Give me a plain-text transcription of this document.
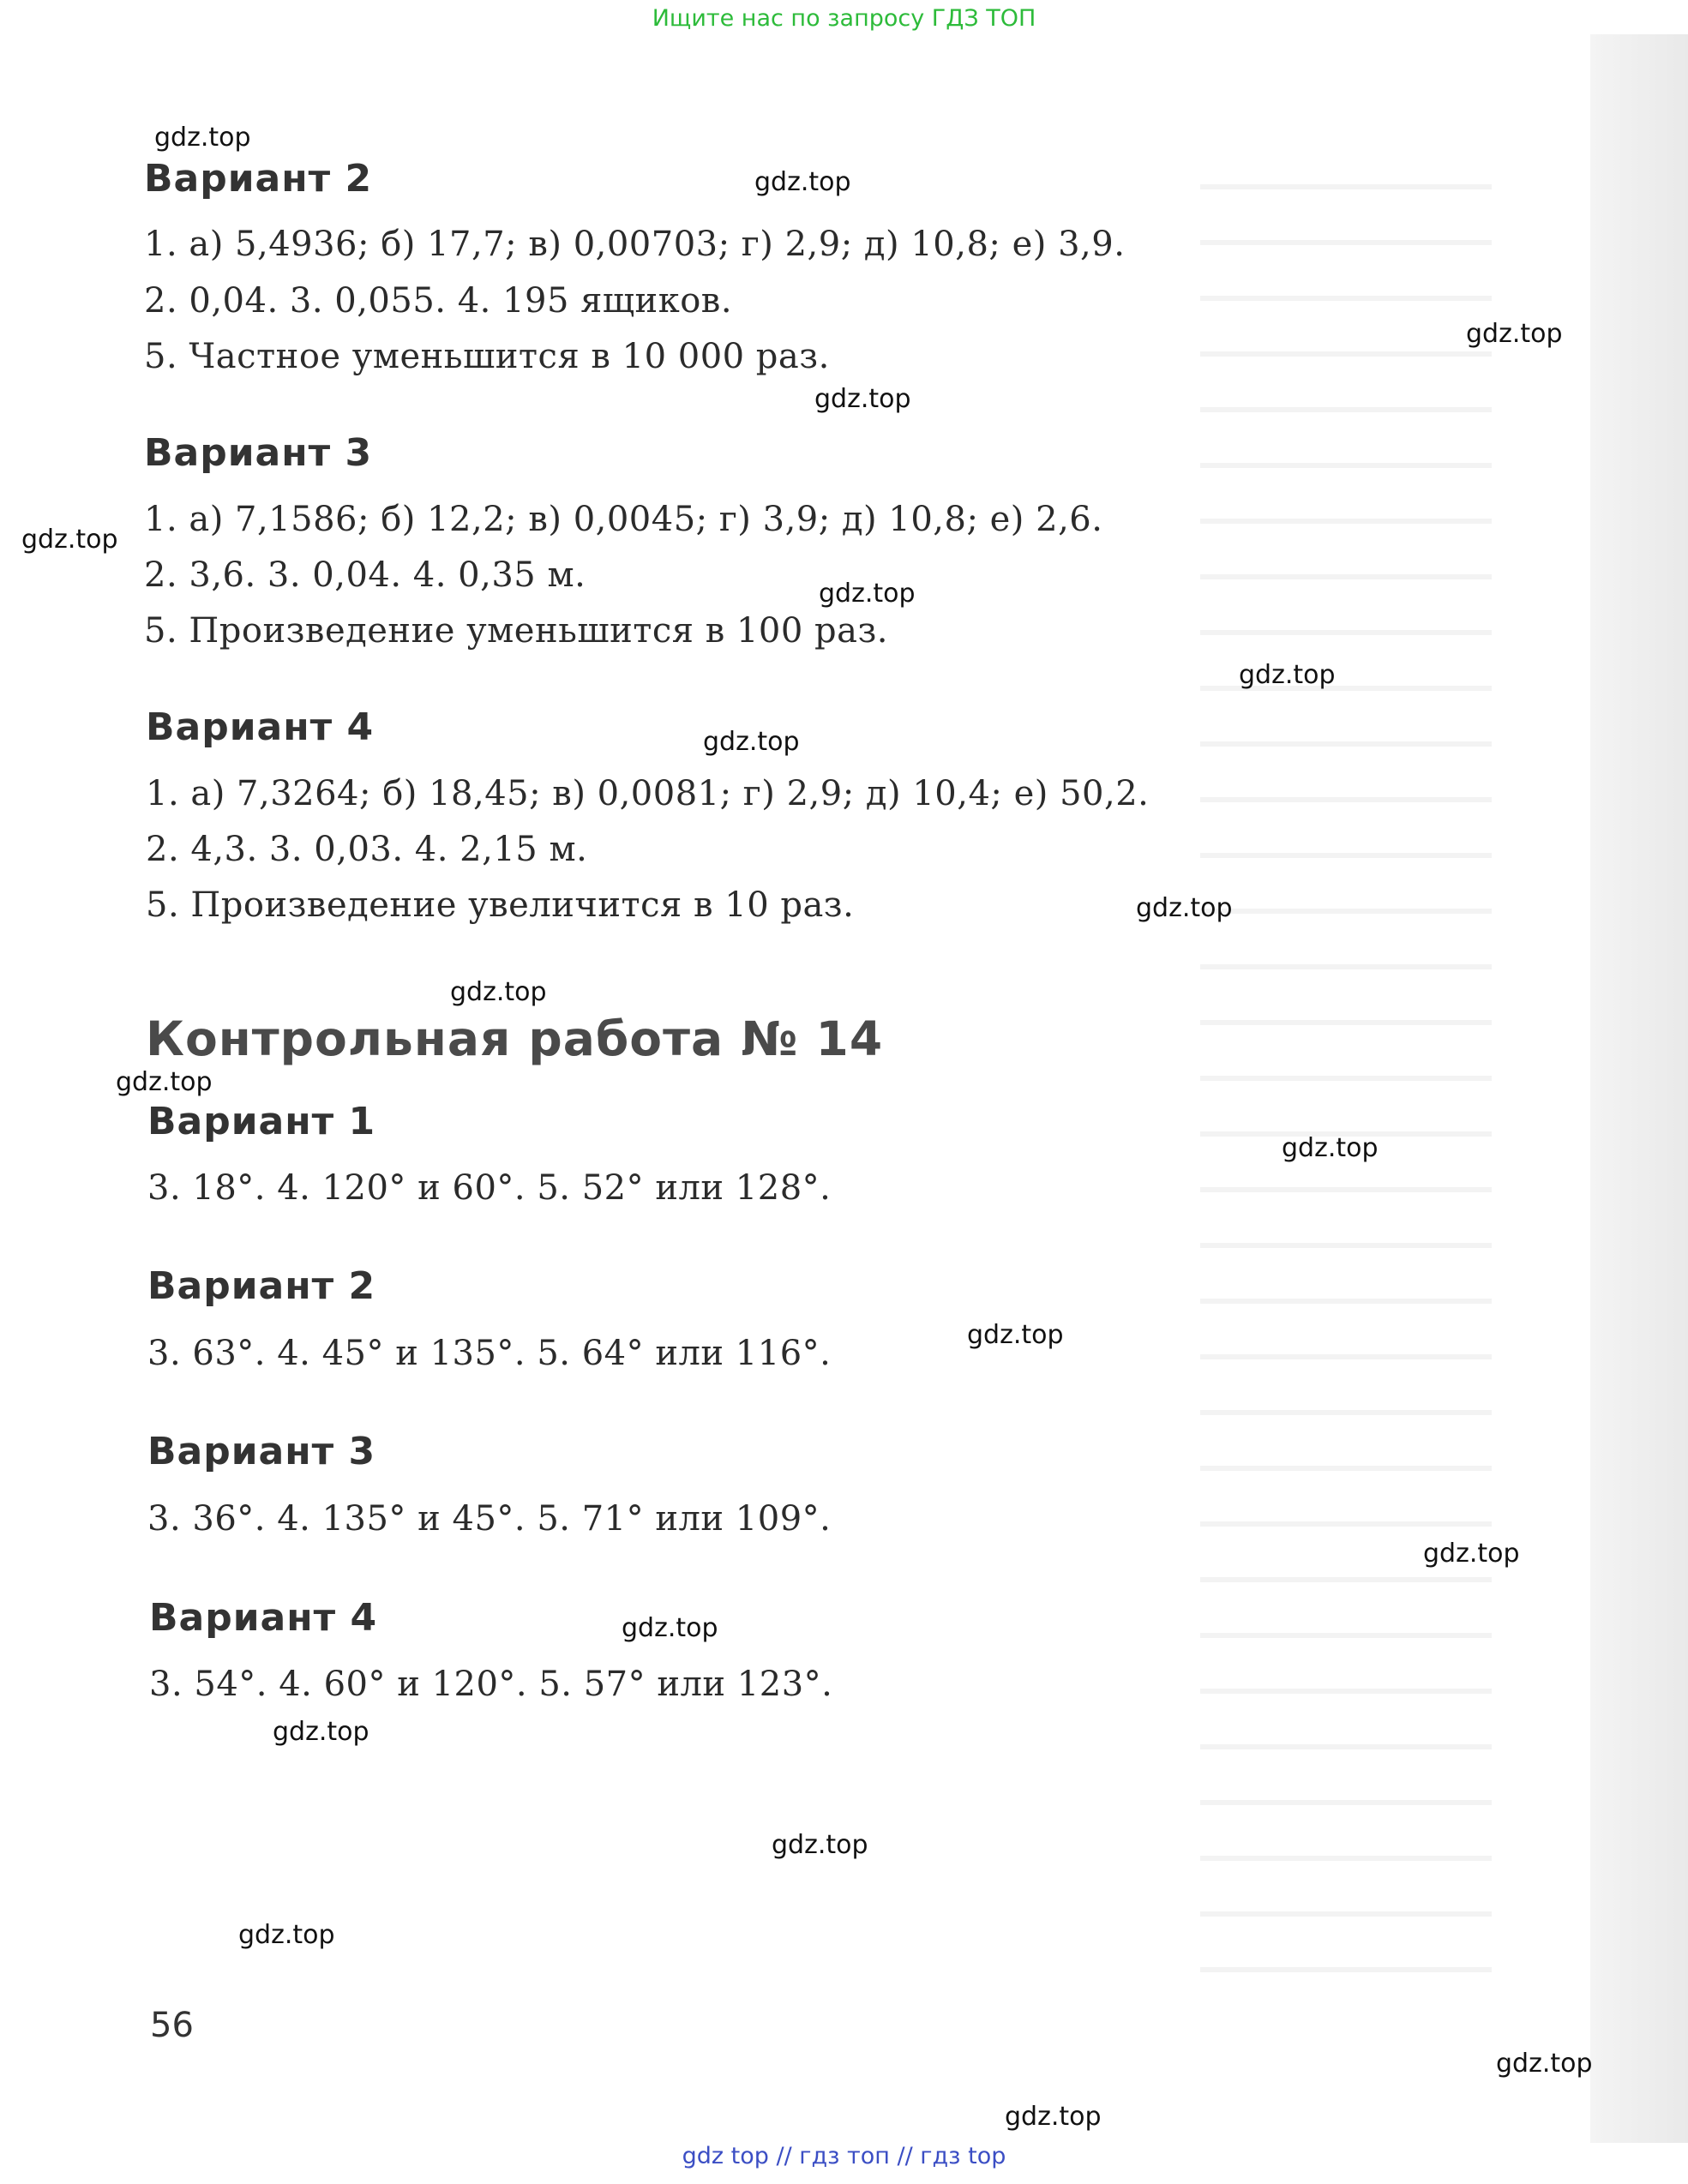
Ищите нас по запросу ГДЗ ТОП
gdz.top
gdz.top
gdz.top
gdz.top
gdz.top
gdz.top
gdz.top
gdz.top
gdz.top
gdz.top
gdz.top
gdz.top
gdz.top
gdz.top
gdz.top
gdz.top
gdz.top
gdz.top
gdz.top
gdz.top
Вариант 2
1. а) 5,4936; б) 17,7; в) 0,00703; г) 2,9; д) 10,8; е) 3,9.
2. 0,04. 3. 0,055. 4. 195 ящиков.
5. Частное уменьшится в 10 000 раз.
Вариант 3
1. а) 7,1586; б) 12,2; в) 0,0045; г) 3,9; д) 10,8; е) 2,6.
2. 3,6. 3. 0,04. 4. 0,35 м.
5. Произведение уменьшится в 100 раз.
Вариант 4
1. а) 7,3264; б) 18,45; в) 0,0081; г) 2,9; д) 10,4; е) 50,2.
2. 4,3. 3. 0,03. 4. 2,15 м.
5. Произведение увеличится в 10 раз.
Контрольная работа № 14
Вариант 1
3. 18°. 4. 120° и 60°. 5. 52° или 128°.
Вариант 2
3. 63°. 4. 45° и 135°. 5. 64° или 116°.
Вариант 3
3. 36°. 4. 135° и 45°. 5. 71° или 109°.
Вариант 4
3. 54°. 4. 60° и 120°. 5. 57° или 123°.
56
gdz top // гдз топ // гдз top
